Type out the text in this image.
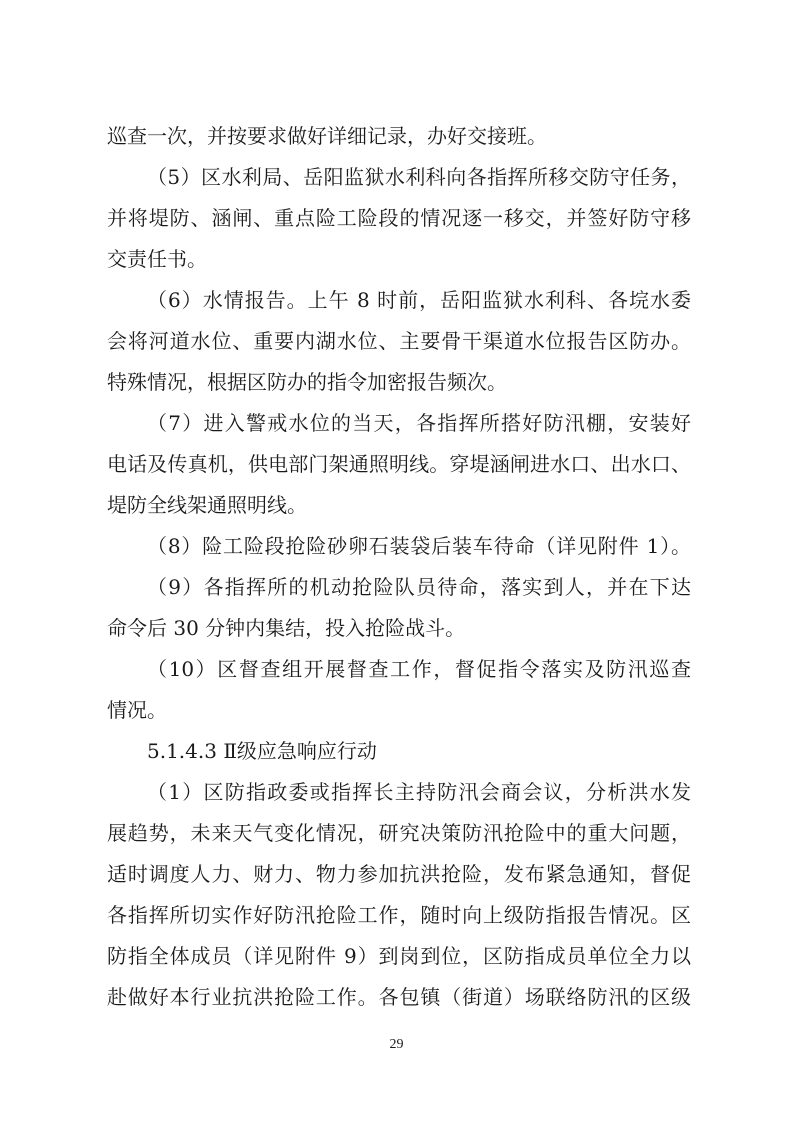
巡查一次，并按要求做好详细记录，办好交接班。
（5）区水利局、岳阳监狱水利科向各指挥所移交防守任务，
并将堤防、涵闸、重点险工险段的情况逐一移交，并签好防守移
交责任书。
（6）水情报告。上午 8 时前，岳阳监狱水利科、各垸水委
会将河道水位、重要内湖水位、主要骨干渠道水位报告区防办。
特殊情况，根据区防办的指令加密报告频次。
（7）进入警戒水位的当天，各指挥所搭好防汛棚，安装好
电话及传真机，供电部门架通照明线。穿堤涵闸进水口、出水口、
堤防全线架通照明线。
（8）险工险段抢险砂卵石装袋后装车待命（详见附件 1）。
（9）各指挥所的机动抢险队员待命，落实到人，并在下达
命令后 30 分钟内集结，投入抢险战斗。
（10）区督查组开展督查工作，督促指令落实及防汛巡查
情况。
5.1.4.3 Ⅱ级应急响应行动
（1）区防指政委或指挥长主持防汛会商会议，分析洪水发
展趋势，未来天气变化情况，研究决策防汛抢险中的重大问题，
适时调度人力、财力、物力参加抗洪抢险，发布紧急通知，督促
各指挥所切实作好防汛抢险工作，随时向上级防指报告情况。区
防指全体成员（详见附件 9）到岗到位，区防指成员单位全力以
赴做好本行业抗洪抢险工作。各包镇（街道）场联络防汛的区级
29
